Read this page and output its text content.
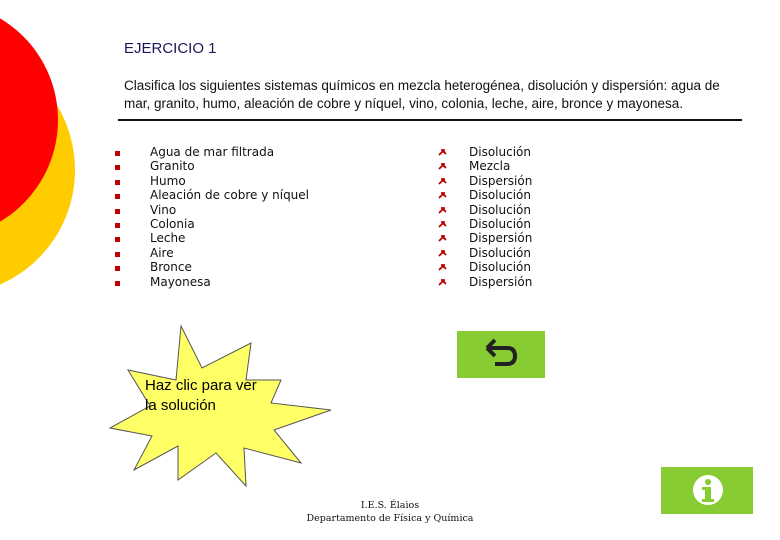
EJERCICIO 1
Clasifica los siguientes sistemas químicos en mezcla heterogénea, disolución y dispersión: agua de mar, granito, humo, aleación de cobre y níquel, vino, colonia, leche, aire, bronce y mayonesa.
Agua de mar filtrada
Granito
Humo
Aleación de cobre y níquel
Vino
Colonia
Leche
Aire
Bronce
Mayonesa
Disolución
Mezcla
Dispersión
Disolución
Disolución
Disolución
Dispersión
Disolución
Disolución
Dispersión
Haz clic para ver
la solución
I.E.S. Élaios
Departamento de Física y Química
